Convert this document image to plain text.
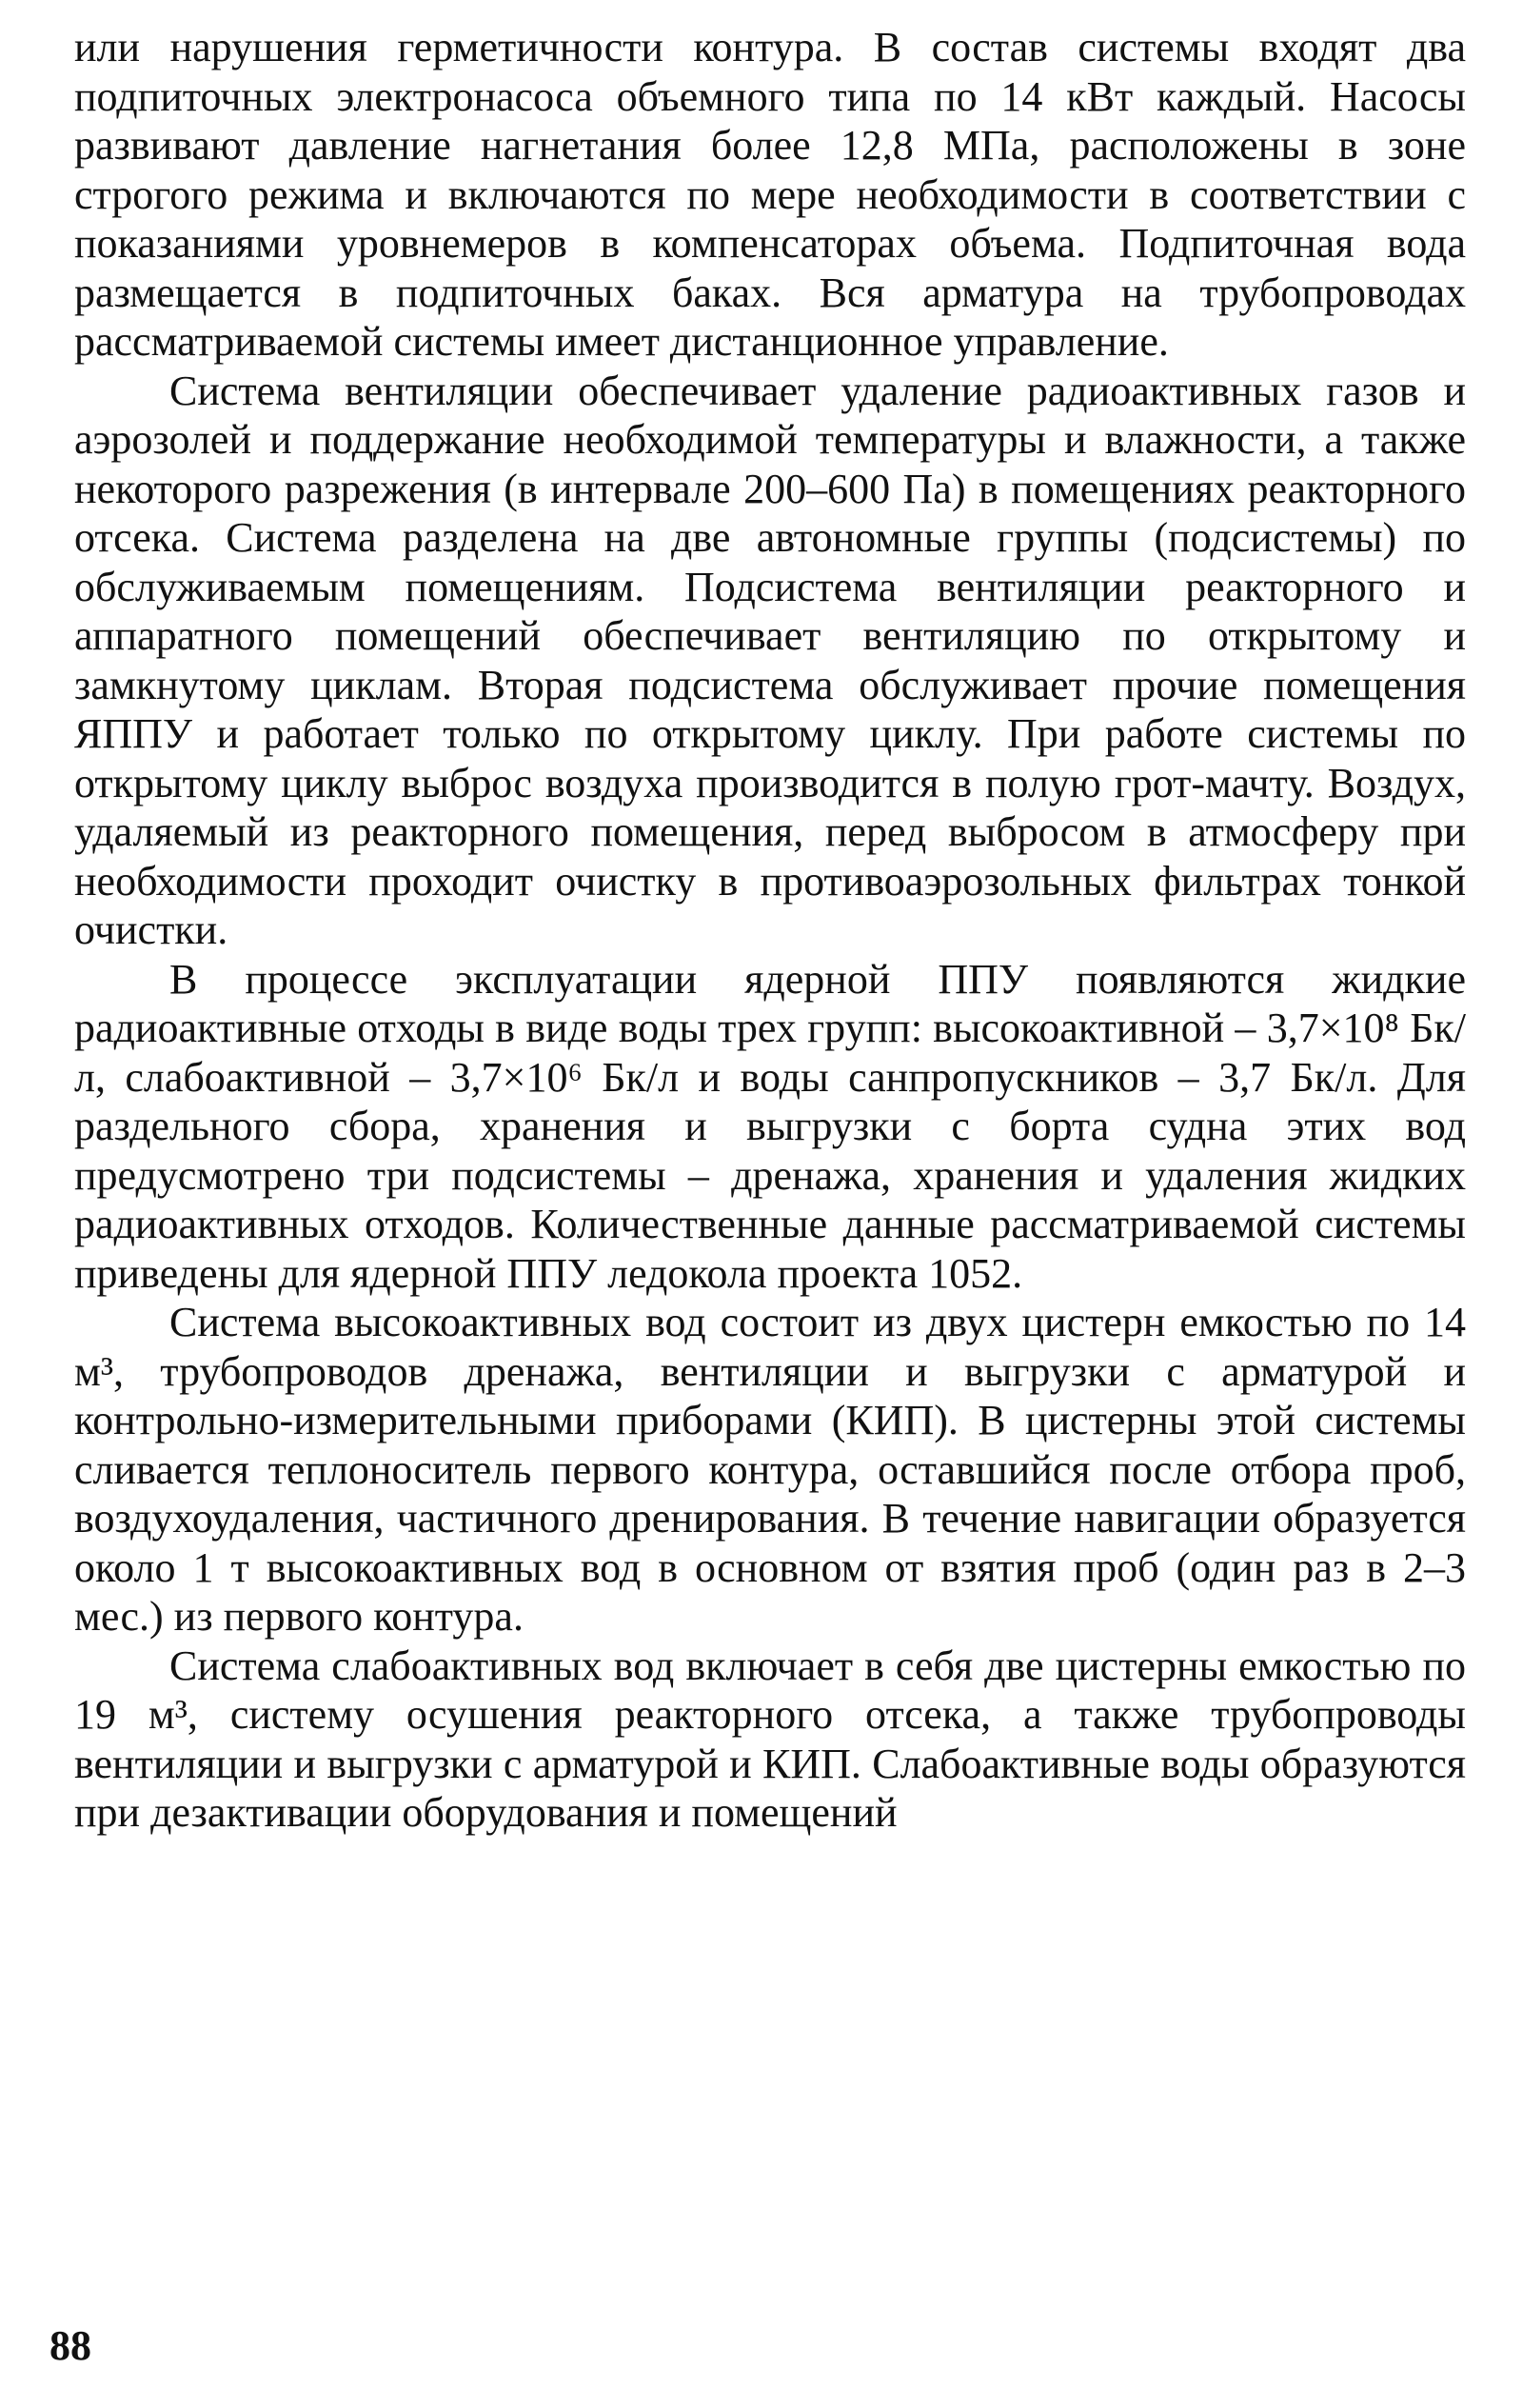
или нарушения герметичности контура. В состав системы входят два подпиточных электронасоса объемного типа по 14 кВт каждый. Насосы развивают давление нагнетания более 12,8 МПа, расположены в зоне строгого режима и включаются по мере необходимости в соответствии с показаниями уровнемеров в компенсаторах объема. Подпиточная вода размещается в подпиточных баках. Вся арматура на трубопроводах рассматриваемой системы имеет дистанционное управление.

Система вентиляции обеспечивает удаление радиоактивных газов и аэрозолей и поддержание необходимой температуры и влажности, а также некоторого разрежения (в интервале 200–600 Па) в помещениях реакторного отсека. Система разделена на две автономные группы (подсистемы) по обслуживаемым помещениям. Подсистема вентиляции реакторного и аппаратного помещений обеспечивает вентиляцию по открытому и замкнутому циклам. Вторая подсистема обслуживает прочие помещения ЯППУ и работает только по открытому циклу. При работе системы по открытому циклу выброс воздуха производится в полую грот-мачту. Воздух, удаляемый из реакторного помещения, перед выбросом в атмосферу при необходимости проходит очистку в противоаэрозольных фильтрах тонкой очистки.

В процессе эксплуатации ядерной ППУ появляются жидкие радиоактивные отходы в виде воды трех групп: высокоактивной – 3,7×10⁸ Бк/л, слабоактивной – 3,7×10⁶ Бк/л и воды санпропускников – 3,7 Бк/л. Для раздельного сбора, хранения и выгрузки с борта судна этих вод предусмотрено три подсистемы – дренажа, хранения и удаления жидких радиоактивных отходов. Количественные данные рассматриваемой системы приведены для ядерной ППУ ледокола проекта 1052.

Система высокоактивных вод состоит из двух цистерн емкостью по 14 м³, трубопроводов дренажа, вентиляции и выгрузки с арматурой и контрольно-измерительными приборами (КИП). В цистерны этой системы сливается теплоноситель первого контура, оставшийся после отбора проб, воздухоудаления, частичного дренирования. В течение навигации образуется около 1 т высокоактивных вод в основном от взятия проб (один раз в 2–3 мес.) из первого контура.

Система слабоактивных вод включает в себя две цистерны емкостью по 19 м³, систему осушения реакторного отсека, а также трубопроводы вентиляции и выгрузки с арматурой и КИП. Слабоактивные воды образуются при дезактивации оборудования и помещений

88
